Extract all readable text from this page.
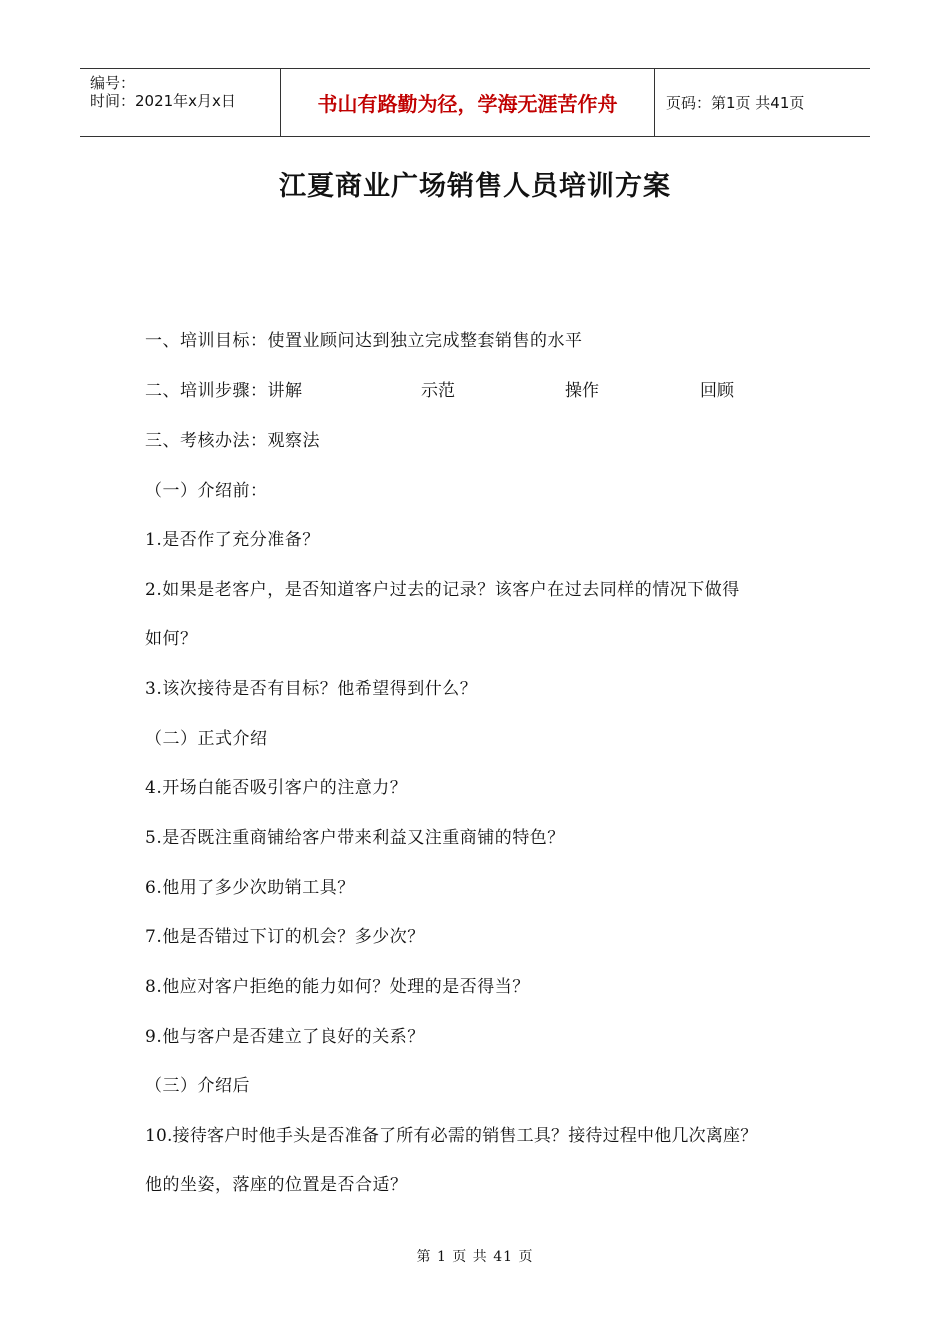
编号：
时间：2021年x月x日	书山有路勤为径，学海无涯苦作舟	页码：第1页 共41页
江夏商业广场销售人员培训方案
一、培训目标：使置业顾问达到独立完成整套销售的水平
二、培训步骤：讲解	示范	操作	回顾
三、考核办法：观察法
（一）介绍前：
1.是否作了充分准备？
2.如果是老客户，是否知道客户过去的记录？该客户在过去同样的情况下做得
如何？
3.该次接待是否有目标？他希望得到什么？
（二）正式介绍
4.开场白能否吸引客户的注意力？
5.是否既注重商铺给客户带来利益又注重商铺的特色？
6.他用了多少次助销工具？
7.他是否错过下订的机会？多少次？
8.他应对客户拒绝的能力如何？处理的是否得当？
9.他与客户是否建立了良好的关系？
（三）介绍后
10.接待客户时他手头是否准备了所有必需的销售工具？接待过程中他几次离座？
他的坐姿，落座的位置是否合适？
第 1 页 共 41 页
